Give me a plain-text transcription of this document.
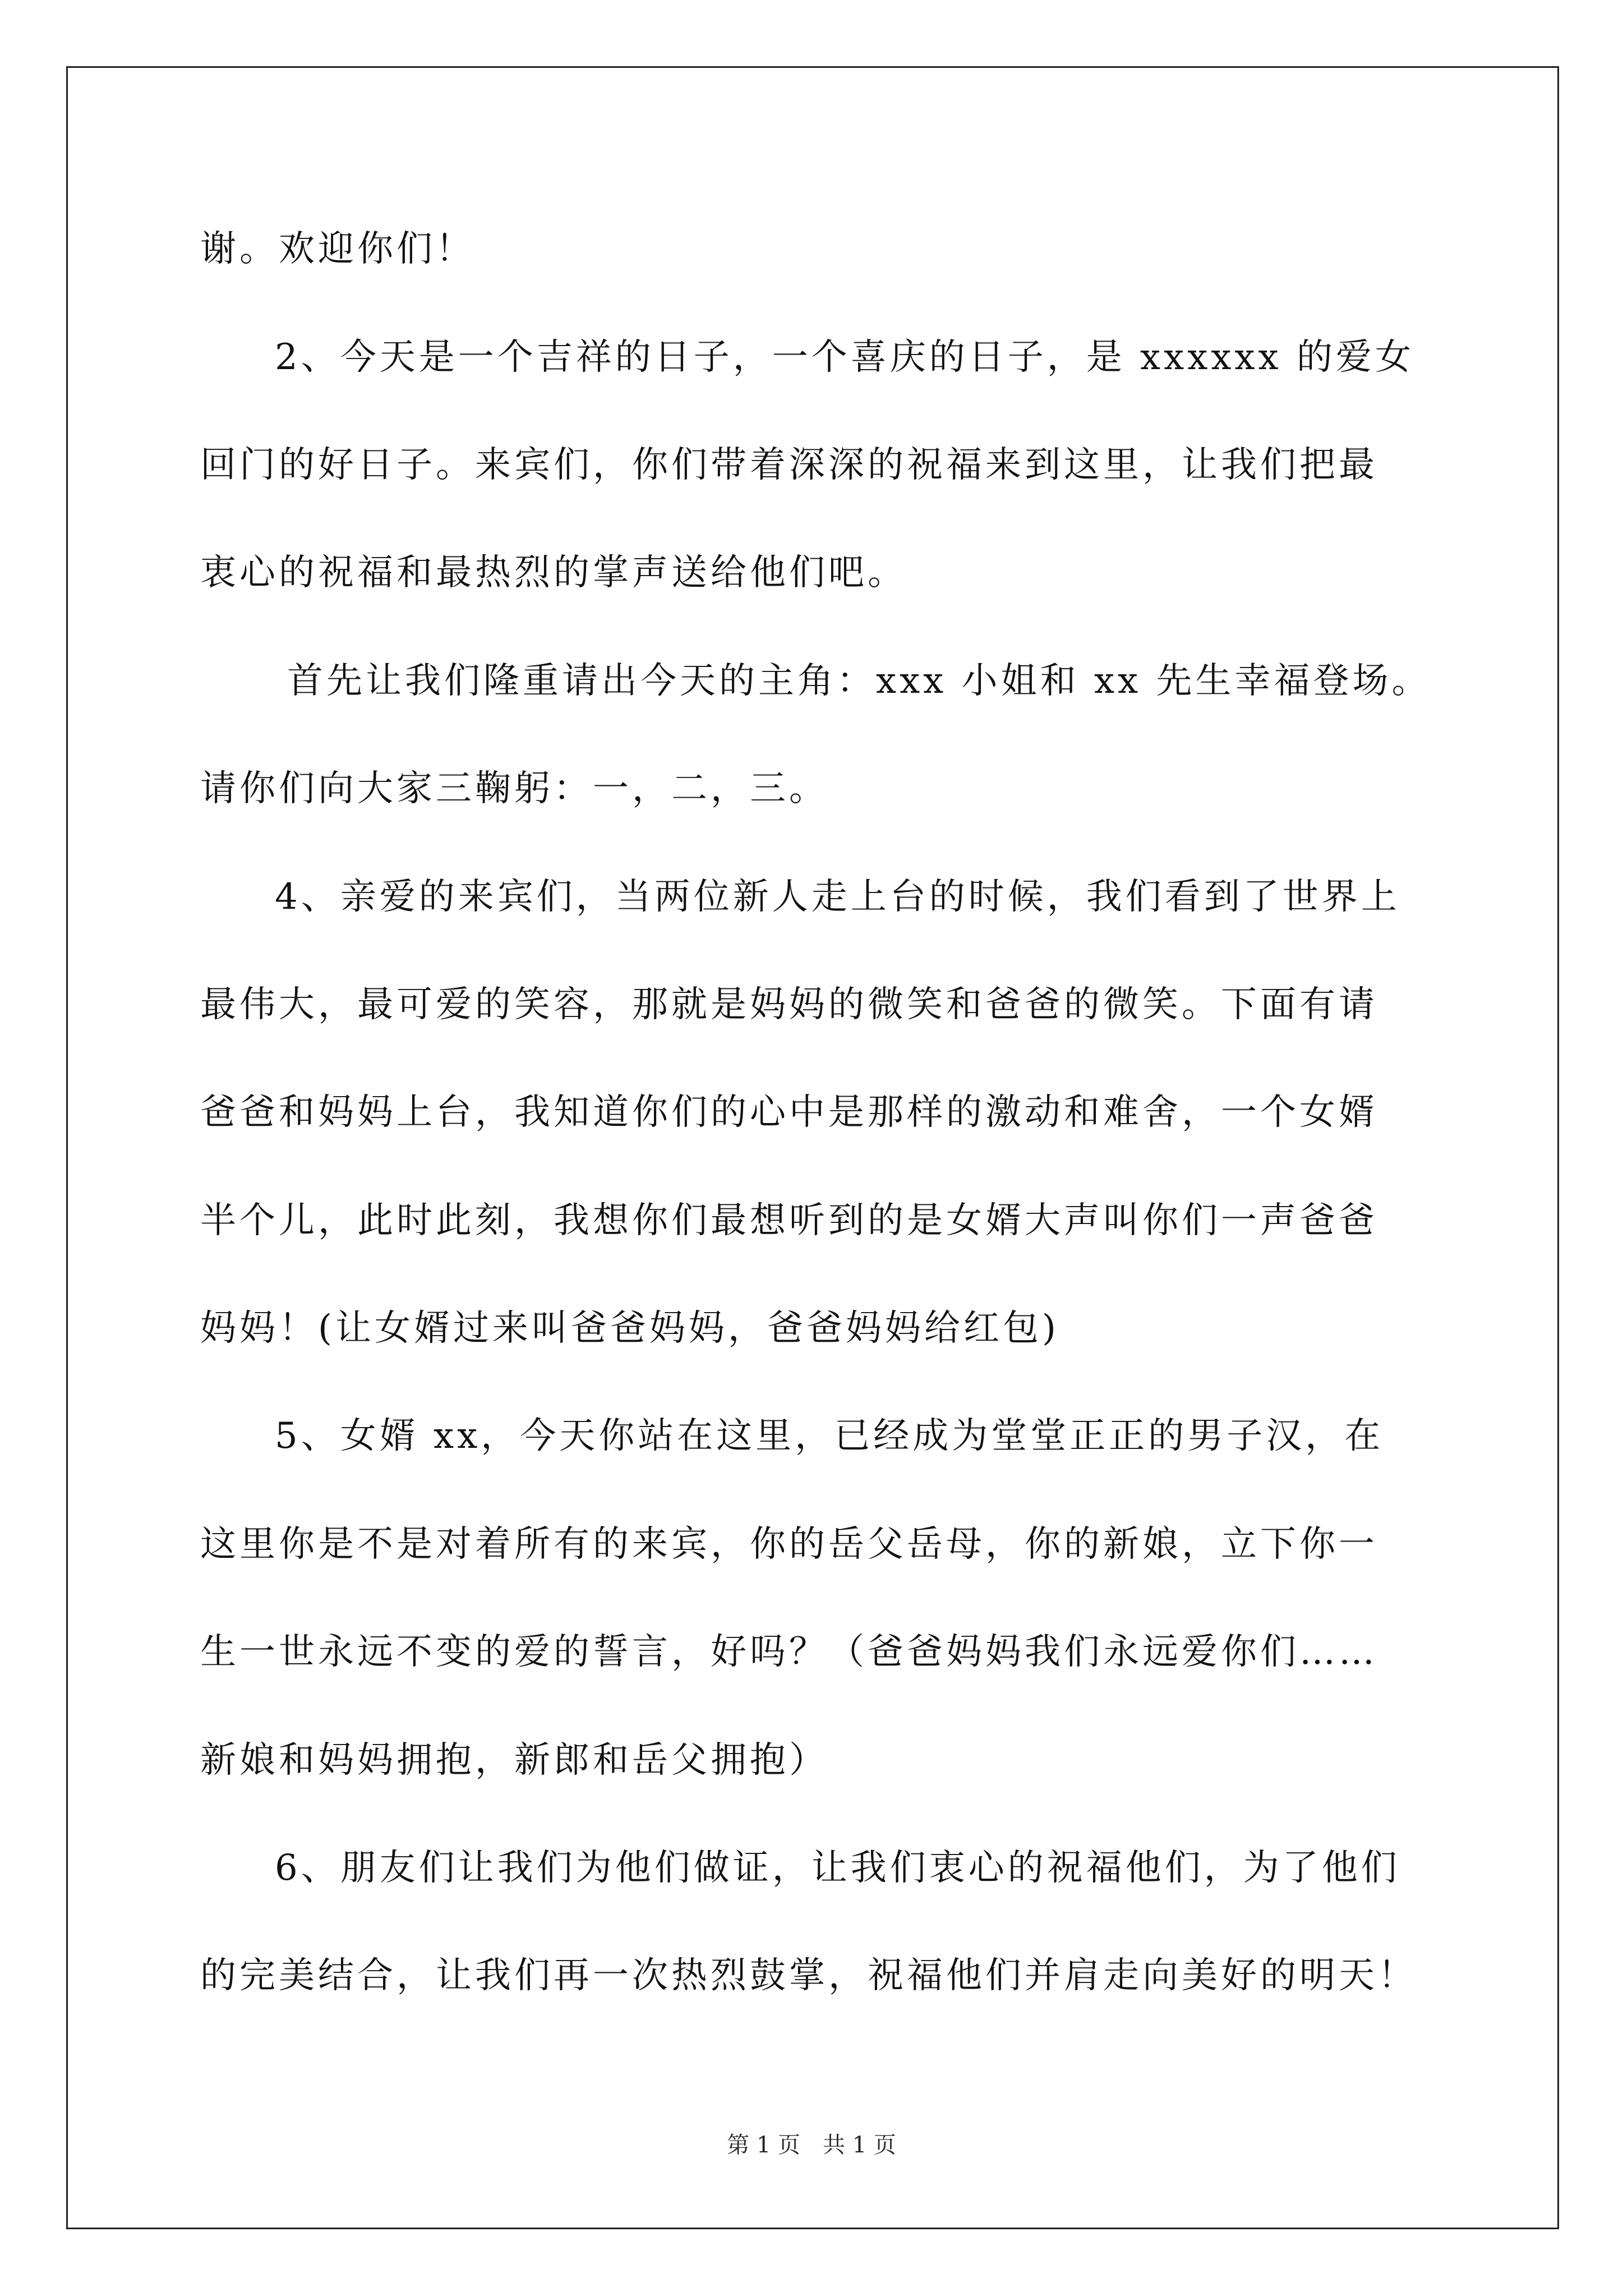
谢。欢迎你们！

2、今天是一个吉祥的日子，一个喜庆的日子，是 xxxxxx 的爱女

回门的好日子。来宾们，你们带着深深的祝福来到这里，让我们把最

衷心的祝福和最热烈的掌声送给他们吧。

首先让我们隆重请出今天的主角：xxx 小姐和 xx 先生幸福登场。

请你们向大家三鞠躬：一，二，三。

4、亲爱的来宾们，当两位新人走上台的时候，我们看到了世界上

最伟大，最可爱的笑容，那就是妈妈的微笑和爸爸的微笑。下面有请

爸爸和妈妈上台，我知道你们的心中是那样的激动和难舍，一个女婿

半个儿，此时此刻，我想你们最想听到的是女婿大声叫你们一声爸爸

妈妈！(让女婿过来叫爸爸妈妈，爸爸妈妈给红包)

5、女婿 xx，今天你站在这里，已经成为堂堂正正的男子汉，在

这里你是不是对着所有的来宾，你的岳父岳母，你的新娘，立下你一

生一世永远不变的爱的誓言，好吗？（爸爸妈妈我们永远爱你们……

新娘和妈妈拥抱，新郎和岳父拥抱）

6、朋友们让我们为他们做证，让我们衷心的祝福他们，为了他们

的完美结合，让我们再一次热烈鼓掌，祝福他们并肩走向美好的明天！

第 1 页　共 1 页
